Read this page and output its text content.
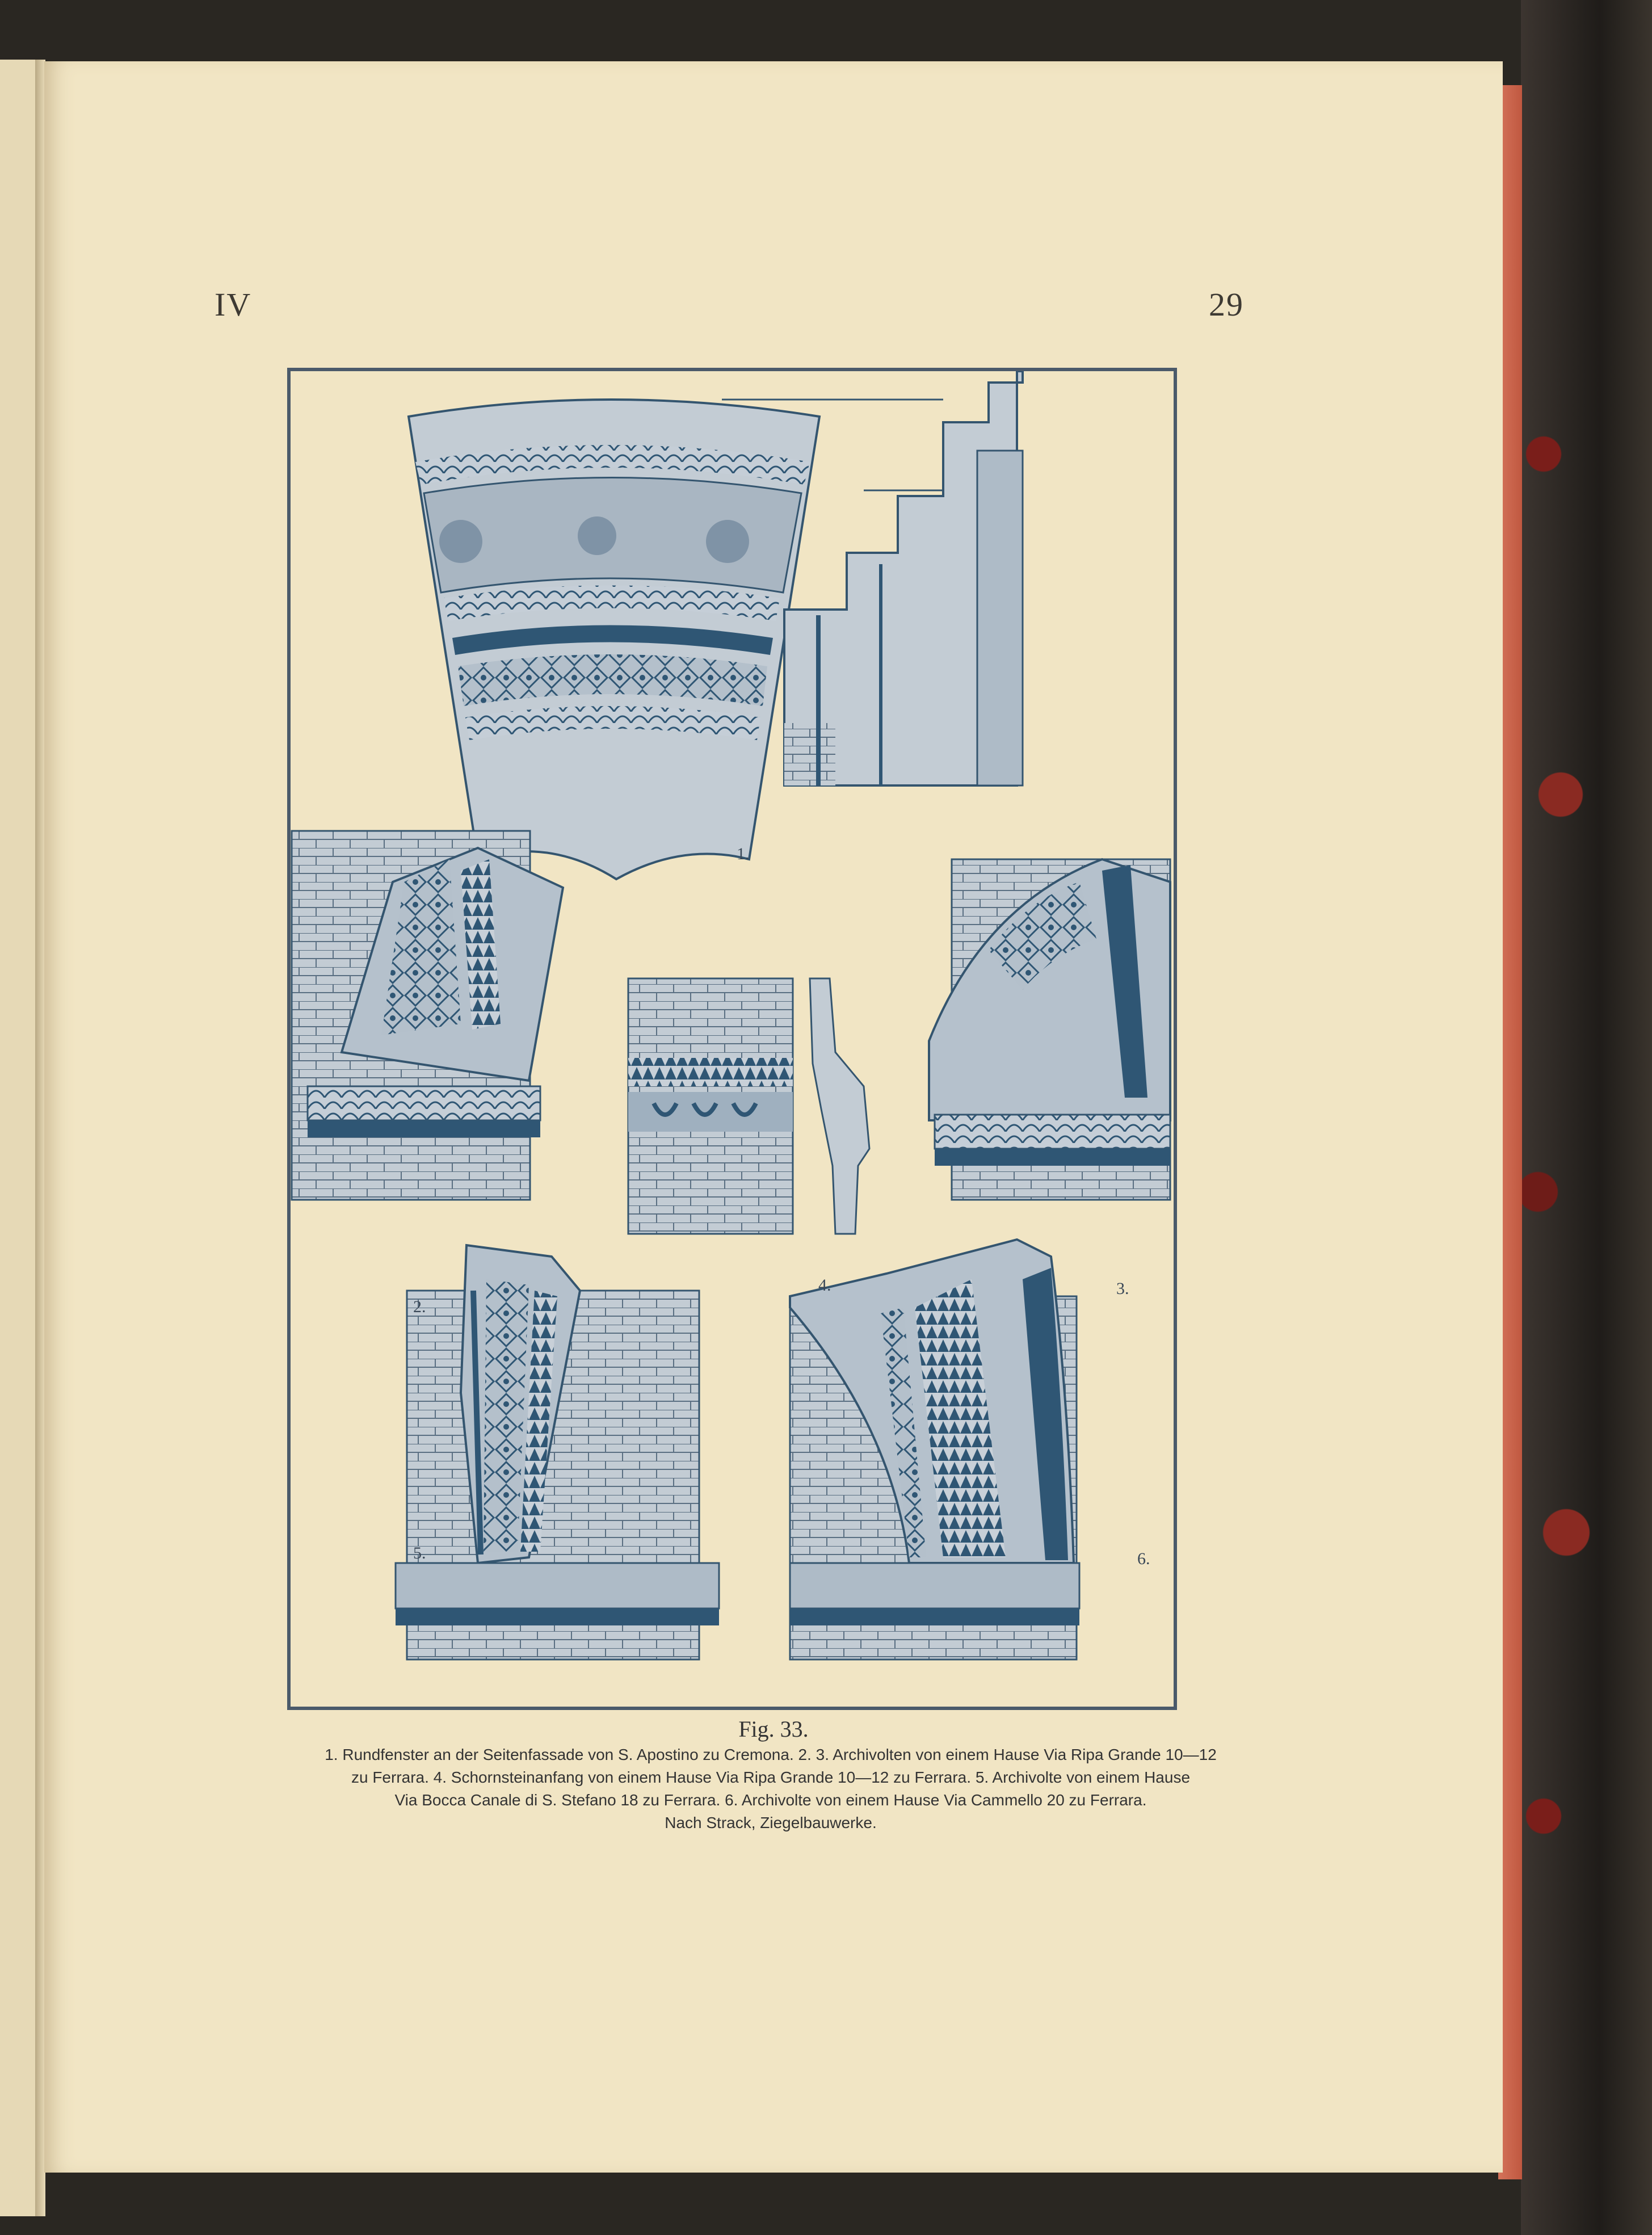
IV	29
1.
2.
3.
4.
5.	6.
Fig. 33.
1. Rundfenster an der Seitenfassade von S. Apostino zu Cremona. 2. 3. Archivolten von einem Hause Via Ripa Grande 10—12
zu Ferrara. 4. Schornsteinanfang von einem Hause Via Ripa Grande 10—12 zu Ferrara. 5. Archivolte von einem Hause
Via Bocca Canale di S. Stefano 18 zu Ferrara. 6. Archivolte von einem Hause Via Cammello 20 zu Ferrara.
Nach Strack, Ziegelbauwerke.
